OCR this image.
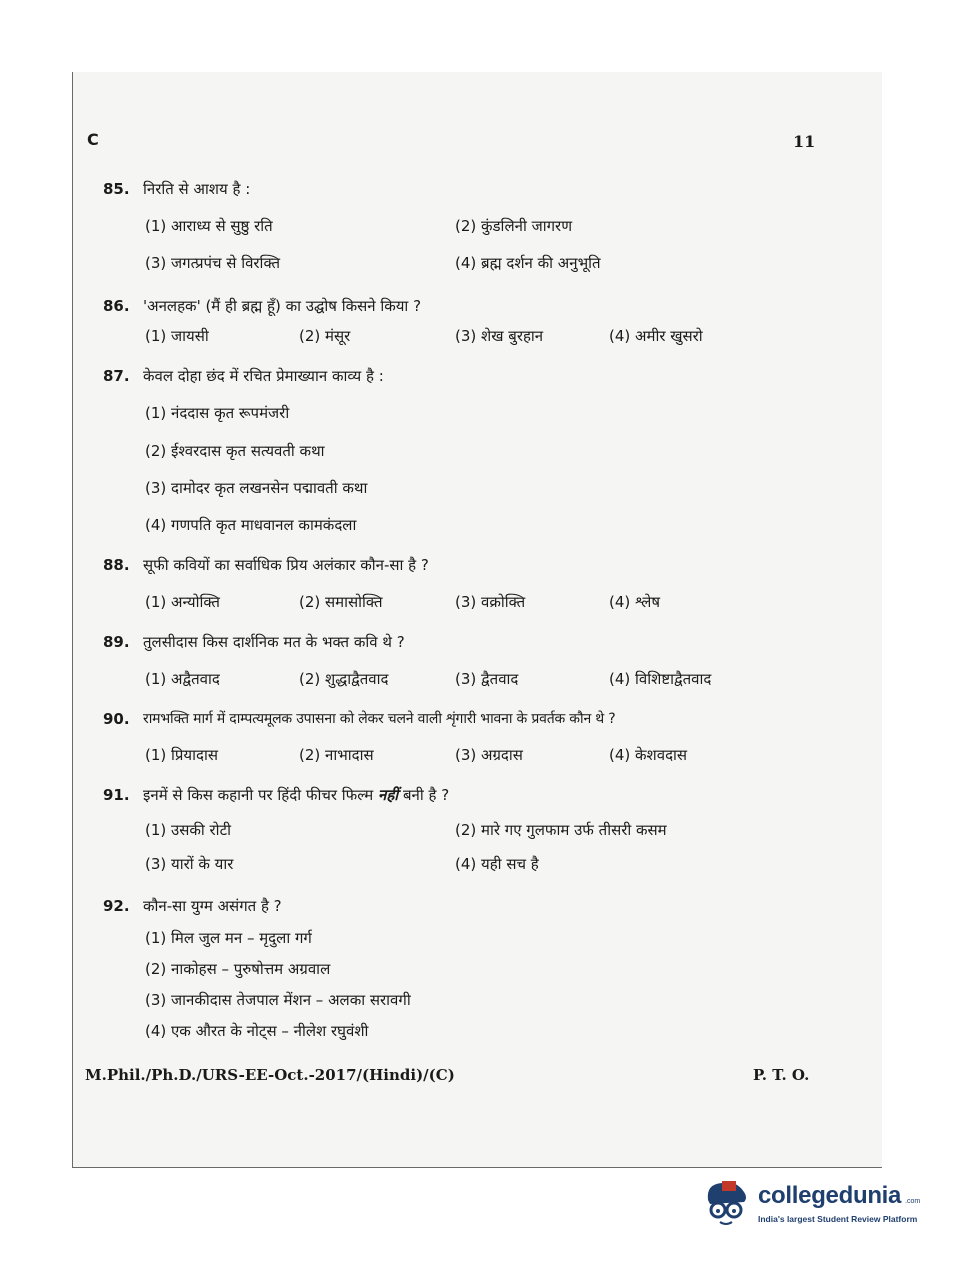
C	11
85. निरति से आशय है :
(1) आराध्य से सुष्ठु रति	(2) कुंडलिनी जागरण
(3) जगत्प्रपंच से विरक्ति	(4) ब्रह्म दर्शन की अनुभूति
86. 'अनलहक' (मैं ही ब्रह्म हूँ) का उद्घोष किसने किया ?
(1) जायसी	(2) मंसूर	(3) शेख बुरहान	(4) अमीर खुसरो
87. केवल दोहा छंद में रचित प्रेमाख्यान काव्य है :
(1) नंददास कृत रूपमंजरी
(2) ईश्वरदास कृत सत्यवती कथा
(3) दामोदर कृत लखनसेन पद्मावती कथा
(4) गणपति कृत माधवानल कामकंदला
88. सूफी कवियों का सर्वाधिक प्रिय अलंकार कौन-सा है ?
(1) अन्योक्ति	(2) समासोक्ति	(3) वक्रोक्ति	(4) श्लेष
89. तुलसीदास किस दार्शनिक मत के भक्त कवि थे ?
(1) अद्वैतवाद	(2) शुद्धाद्वैतवाद	(3) द्वैतवाद	(4) विशिष्टाद्वैतवाद
90. रामभक्ति मार्ग में दाम्पत्यमूलक उपासना को लेकर चलने वाली शृंगारी भावना के प्रवर्तक कौन थे ?
(1) प्रियादास	(2) नाभादास	(3) अग्रदास	(4) केशवदास
91. इनमें से किस कहानी पर हिंदी फीचर फिल्म नहीं बनी है ?
(1) उसकी रोटी	(2) मारे गए गुलफाम उर्फ तीसरी कसम
(3) यारों के यार	(4) यही सच है
92. कौन-सा युग्म असंगत है ?
(1) मिल जुल मन – मृदुला गर्ग
(2) नाकोहस – पुरुषोत्तम अग्रवाल
(3) जानकीदास तेजपाल मेंशन – अलका सरावगी
(4) एक औरत के नोट्स – नीलेश रघुवंशी
M.Phil./Ph.D./URS-EE-Oct.-2017/(Hindi)/(C)	P. T. O.
collegedunia .com
India's largest Student Review Platform
